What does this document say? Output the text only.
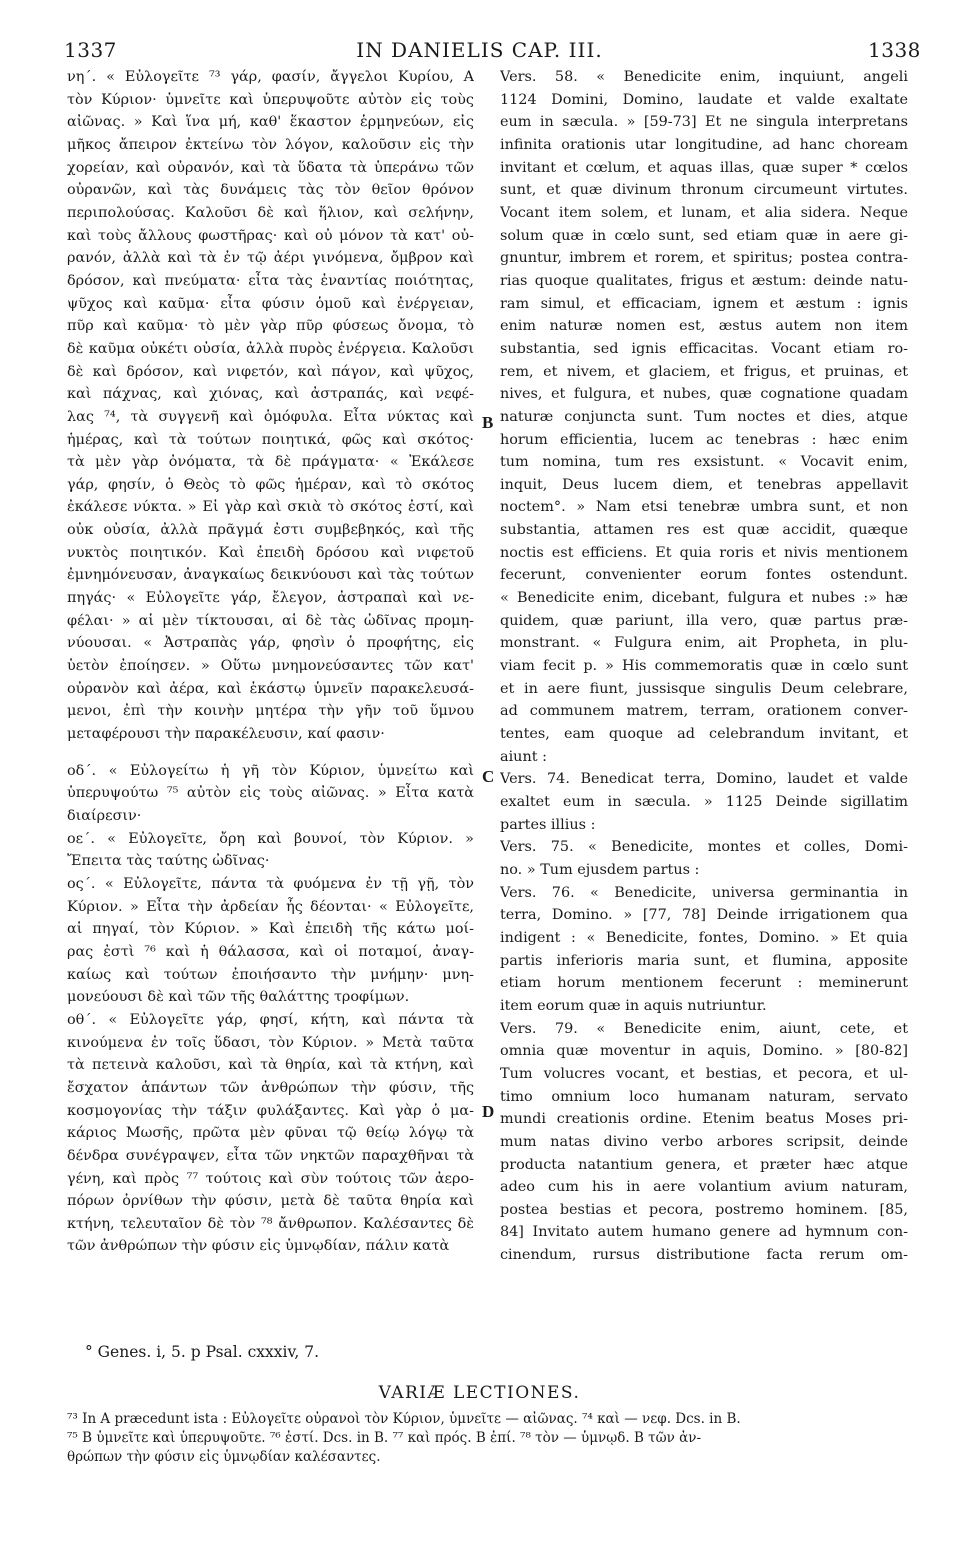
1337	IN DANIELIS CAP. III.	1338
νη΄. « Εὐλογεῖτε ⁷³ γάρ, φασίν, ἄγγελοι Κυρίου, A
τὸν Κύριον· ὑμνεῖτε καὶ ὑπερυψοῦτε αὐτὸν εἰς τοὺς
αἰῶνας. » Καὶ ἵνα μή, καθ' ἕκαστον ἑρμηνεύων, εἰς
μῆκος ἄπειρον ἐκτείνω τὸν λόγον, καλοῦσιν εἰς τὴν
χορείαν, καὶ οὐρανόν, καὶ τὰ ὕδατα τὰ ὑπεράνω τῶν
οὐρανῶν, καὶ τὰς δυνάμεις τὰς τὸν θεῖον θρόνον
περιπολούσας. Καλοῦσι δὲ καὶ ἥλιον, καὶ σελήνην,
καὶ τοὺς ἄλλους φωστῆρας· καὶ οὐ μόνον τὰ κατ' οὐ-
ρανόν, ἀλλὰ καὶ τὰ ἐν τῷ ἀέρι γινόμενα, ὄμβρον καὶ
δρόσον, καὶ πνεύματα· εἶτα τὰς ἐναντίας ποιότητας,
ψῦχος καὶ καῦμα· εἶτα φύσιν ὁμοῦ καὶ ἐνέργειαν,
πῦρ καὶ καῦμα· τὸ μὲν γὰρ πῦρ φύσεως ὄνομα, τὸ
δὲ καῦμα οὐκέτι οὐσία, ἀλλὰ πυρὸς ἐνέργεια. Καλοῦσι
δὲ καὶ δρόσον, καὶ νιφετόν, καὶ πάγον, καὶ ψῦχος,
καὶ πάχνας, καὶ χιόνας, καὶ ἀστραπάς, καὶ νεφέ-
λας ⁷⁴, τὰ συγγενῆ καὶ ὁμόφυλα. Εἶτα νύκτας καὶ
ἡμέρας, καὶ τὰ τούτων ποιητικά, φῶς καὶ σκότος·
τὰ μὲν γὰρ ὀνόματα, τὰ δὲ πράγματα· « Ἐκάλεσε
γάρ, φησίν, ὁ Θεὸς τὸ φῶς ἡμέραν, καὶ τὸ σκότος
ἐκάλεσε νύκτα. » Εἰ γὰρ καὶ σκιὰ τὸ σκότος ἐστί, καὶ
οὐκ οὐσία, ἀλλὰ πρᾶγμά ἐστι συμβεβηκός, καὶ τῆς
νυκτὸς ποιητικόν. Καὶ ἐπειδὴ δρόσου καὶ νιφετοῦ
ἐμνημόνευσαν, ἀναγκαίως δεικνύουσι καὶ τὰς τούτων
πηγάς· « Εὐλογεῖτε γάρ, ἔλεγον, ἀστραπαὶ καὶ νε-
φέλαι· » αἱ μὲν τίκτουσαι, αἱ δὲ τὰς ὠδῖνας προμη-
νύουσαι. « Ἀστραπὰς γάρ, φησὶν ὁ προφήτης, εἰς
ὑετὸν ἐποίησεν. » Οὕτω μνημονεύσαντες τῶν κατ'
οὐρανὸν καὶ ἀέρα, καὶ ἑκάστῳ ὑμνεῖν παρακελευσά-
μενοι, ἐπὶ τὴν κοινὴν μητέρα τὴν γῆν τοῦ ὕμνου
μεταφέρουσι τὴν παρακέλευσιν, καί φασιν·
οδ΄. « Εὐλογείτω ἡ γῆ τὸν Κύριον, ὑμνείτω καὶ
ὑπερυψούτω ⁷⁵ αὐτὸν εἰς τοὺς αἰῶνας. » Εἶτα κατὰ
διαίρεσιν·
οε΄. « Εὐλογεῖτε, ὄρη καὶ βουνοί, τὸν Κύριον. »
Ἔπειτα τὰς ταύτης ὠδῖνας·
ος΄. « Εὐλογεῖτε, πάντα τὰ φυόμενα ἐν τῇ γῇ, τὸν
Κύριον. » Εἶτα τὴν ἀρδείαν ἧς δέονται· « Εὐλογεῖτε,
αἱ πηγαί, τὸν Κύριον. » Καὶ ἐπειδὴ τῆς κάτω μοί-
ρας ἐστὶ ⁷⁶ καὶ ἡ θάλασσα, καὶ οἱ ποταμοί, ἀναγ-
καίως καὶ τούτων ἐποιήσαντο τὴν μνήμην· μνη-
μονεύουσι δὲ καὶ τῶν τῆς θαλάττης τροφίμων.
οθ΄. « Εὐλογεῖτε γάρ, φησί, κήτη, καὶ πάντα τὰ
κινούμενα ἐν τοῖς ὕδασι, τὸν Κύριον. » Μετὰ ταῦτα
τὰ πετεινὰ καλοῦσι, καὶ τὰ θηρία, καὶ τὰ κτήνη, καὶ
ἔσχατον ἁπάντων τῶν ἀνθρώπων τὴν φύσιν, τῆς
κοσμογονίας τὴν τάξιν φυλάξαντες. Καὶ γὰρ ὁ μα-
κάριος Μωσῆς, πρῶτα μὲν φῦναι τῷ θείῳ λόγῳ τὰ
δένδρα συνέγραψεν, εἶτα τῶν νηκτῶν παραχθῆναι τὰ
γένη, καὶ πρὸς ⁷⁷ τούτοις καὶ σὺν τούτοις τῶν ἀερο-
πόρων ὀρνίθων τὴν φύσιν, μετὰ δὲ ταῦτα θηρία καὶ
κτήνη, τελευταῖον δὲ τὸν ⁷⁸ ἄνθρωπον. Καλέσαντες δὲ
τῶν ἀνθρώπων τὴν φύσιν εἰς ὑμνῳδίαν, πάλιν κατὰ
Vers. 58. « Benedicite enim, inquiunt, angeli
1124 Domini, Domino, laudate et valde exaltate
eum in sæcula. » [59-73] Et ne singula interpretans
infinita orationis utar longitudine, ad hanc choream
invitant et cœlum, et aquas illas, quæ super * cœlos
sunt, et quæ divinum thronum circumeunt virtutes.
Vocant item solem, et lunam, et alia sidera. Neque
solum quæ in cœlo sunt, sed etiam quæ in aere gi-
gnuntur, imbrem et rorem, et spiritus; postea contra-
rias quoque qualitates, frigus et æstum: deinde natu-
ram simul, et efficaciam, ignem et æstum : ignis
enim naturæ nomen est, æstus autem non item
substantia, sed ignis efficacitas. Vocant etiam ro-
rem, et nivem, et glaciem, et frigus, et pruinas, et
nives, et fulgura, et nubes, quæ cognatione quadam
naturæ conjuncta sunt. Tum noctes et dies, atque
horum efficientia, lucem ac tenebras : hæc enim
tum nomina, tum res exsistunt. « Vocavit enim,
inquit, Deus lucem diem, et tenebras appellavit
noctem°. » Nam etsi tenebræ umbra sunt, et non
substantia, attamen res est quæ accidit, quæque
noctis est efficiens. Et quia roris et nivis mentionem
fecerunt, convenienter eorum fontes ostendunt.
« Benedicite enim, dicebant, fulgura et nubes :» hæ
quidem, quæ pariunt, illa vero, quæ partus præ-
monstrant. « Fulgura enim, ait Propheta, in plu-
viam fecit p. » His commemoratis quæ in cœlo sunt
et in aere fiunt, jussisque singulis Deum celebrare,
ad communem matrem, terram, orationem conver-
tentes, eam quoque ad celebrandum invitant, et
aiunt :
Vers. 74. Benedicat terra, Domino, laudet et valde
exaltet eum in sæcula. » 1125 Deinde sigillatim
partes illius :
Vers. 75. « Benedicite, montes et colles, Domi-
no. » Tum ejusdem partus :
Vers. 76. « Benedicite, universa germinantia in
terra, Domino. » [77, 78] Deinde irrigationem qua
indigent : « Benedicite, fontes, Domino. » Et quia
partis inferioris maria sunt, et flumina, apposite
etiam horum mentionem fecerunt : meminerunt
item eorum quæ in aquis nutriuntur.
Vers. 79. « Benedicite enim, aiunt, cete, et
omnia quæ moventur in aquis, Domino. » [80-82]
Tum volucres vocant, et bestias, et pecora, et ul-
timo omnium loco humanam naturam, servato
mundi creationis ordine. Etenim beatus Moses pri-
mum natas divino verbo arbores scripsit, deinde
producta natantium genera, et præter hæc atque
adeo cum his in aere volantium avium naturam,
postea bestias et pecora, postremo hominem. [85,
84] Invitato autem humano genere ad hymnum con-
cinendum, rursus distributione facta rerum om-
B
C
D
° Genes. i, 5. p Psal. cxxxiv, 7.
VARIÆ LECTIONES.
⁷³ In A præcedunt ista : Εὐλογεῖτε οὐρανοὶ τὸν Κύριον, ὑμνεῖτε — αἰῶνας. ⁷⁴ καὶ — νεφ. Dcs. in B.
⁷⁵ B ὑμνεῖτε καὶ ὑπερυψοῦτε. ⁷⁶ ἐστί. Dcs. in B. ⁷⁷ καὶ πρός. B ἐπί. ⁷⁸ τὸν — ὑμνῳδ. B τῶν ἀν-
θρώπων τὴν φύσιν εἰς ὑμνῳδίαν καλέσαντες.
